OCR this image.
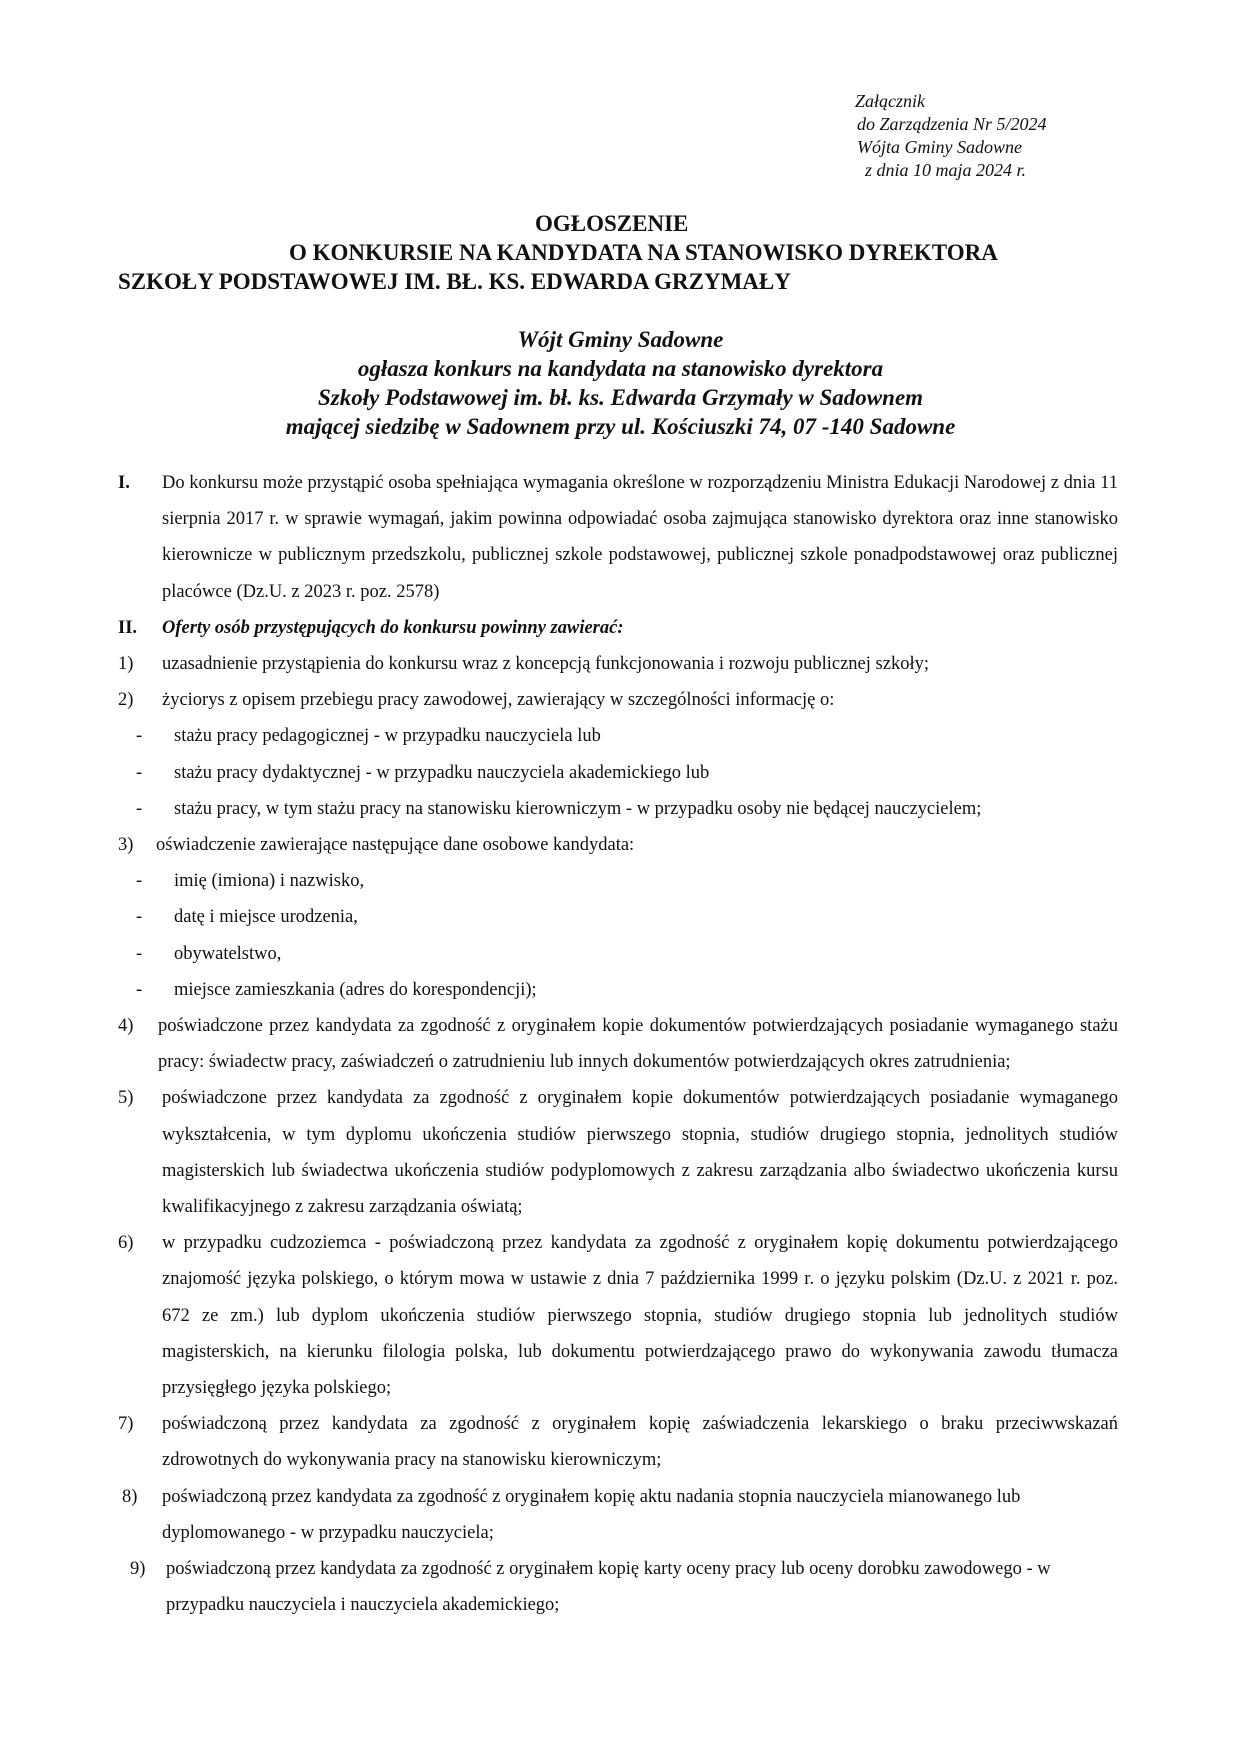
Załącznik
do Zarządzenia Nr 5/2024
Wójta Gminy Sadowne
z dnia 10 maja 2024 r.
OGŁOSZENIE
O KONKURSIE NA KANDYDATA NA STANOWISKO DYREKTORA
SZKOŁY PODSTAWOWEJ IM. BŁ. KS. EDWARDA GRZYMAŁY
Wójt Gminy Sadowne
ogłasza konkurs na kandydata na stanowisko dyrektora
Szkoły Podstawowej im. bł. ks. Edwarda Grzymały w Sadownem
mającej siedzibę w Sadownem przy ul. Kościuszki 74, 07 -140 Sadowne
I.	Do konkursu może przystąpić osoba spełniająca wymagania określone w rozporządzeniu Ministra Edukacji Narodowej z dnia 11 sierpnia 2017 r. w sprawie wymagań, jakim powinna odpowiadać osoba zajmująca stanowisko dyrektora oraz inne stanowisko kierownicze w publicznym przedszkolu, publicznej szkole podstawowej, publicznej szkole ponadpodstawowej oraz publicznej placówce (Dz.U. z 2023 r. poz. 2578)
II.	Oferty osób przystępujących do konkursu powinny zawierać:
1)	uzasadnienie przystąpienia do konkursu wraz z koncepcją funkcjonowania i rozwoju publicznej szkoły;
2)	życiorys z opisem przebiegu pracy zawodowej, zawierający w szczególności informację o:
-	stażu pracy pedagogicznej - w przypadku nauczyciela lub
-	stażu pracy dydaktycznej - w przypadku nauczyciela akademickiego lub
-	stażu pracy, w tym stażu pracy na stanowisku kierowniczym - w przypadku osoby nie będącej nauczycielem;
3)	oświadczenie zawierające następujące dane osobowe kandydata:
-	imię (imiona) i nazwisko,
-	datę i miejsce urodzenia,
-	obywatelstwo,
-	miejsce zamieszkania (adres do korespondencji);
4)	poświadczone przez kandydata za zgodność z oryginałem kopie dokumentów potwierdzających posiadanie wymaganego stażu pracy: świadectw pracy, zaświadczeń o zatrudnieniu lub innych dokumentów potwierdzających okres zatrudnienia;
5)	poświadczone przez kandydata za zgodność z oryginałem kopie dokumentów potwierdzających posiadanie wymaganego wykształcenia, w tym dyplomu ukończenia studiów pierwszego stopnia, studiów drugiego stopnia, jednolitych studiów magisterskich lub świadectwa ukończenia studiów podyplomowych z zakresu zarządzania albo świadectwo ukończenia kursu kwalifikacyjnego z zakresu zarządzania oświatą;
6)	w przypadku cudzoziemca - poświadczoną przez kandydata za zgodność z oryginałem kopię dokumentu potwierdzającego znajomość języka polskiego, o którym mowa w ustawie z dnia 7 października 1999 r. o języku polskim (Dz.U. z 2021 r. poz. 672 ze zm.) lub dyplom ukończenia studiów pierwszego stopnia, studiów drugiego stopnia lub jednolitych studiów magisterskich, na kierunku filologia polska, lub dokumentu potwierdzającego prawo do wykonywania zawodu tłumacza przysięgłego języka polskiego;
7)	poświadczoną przez kandydata za zgodność z oryginałem kopię zaświadczenia lekarskiego o braku przeciwwskazań zdrowotnych do wykonywania pracy na stanowisku kierowniczym;
8)	poświadczoną przez kandydata za zgodność z oryginałem kopię aktu nadania stopnia nauczyciela mianowanego lub dyplomowanego - w przypadku nauczyciela;
9)	poświadczoną przez kandydata za zgodność z oryginałem kopię karty oceny pracy lub oceny dorobku zawodowego - w przypadku nauczyciela i nauczyciela akademickiego;
